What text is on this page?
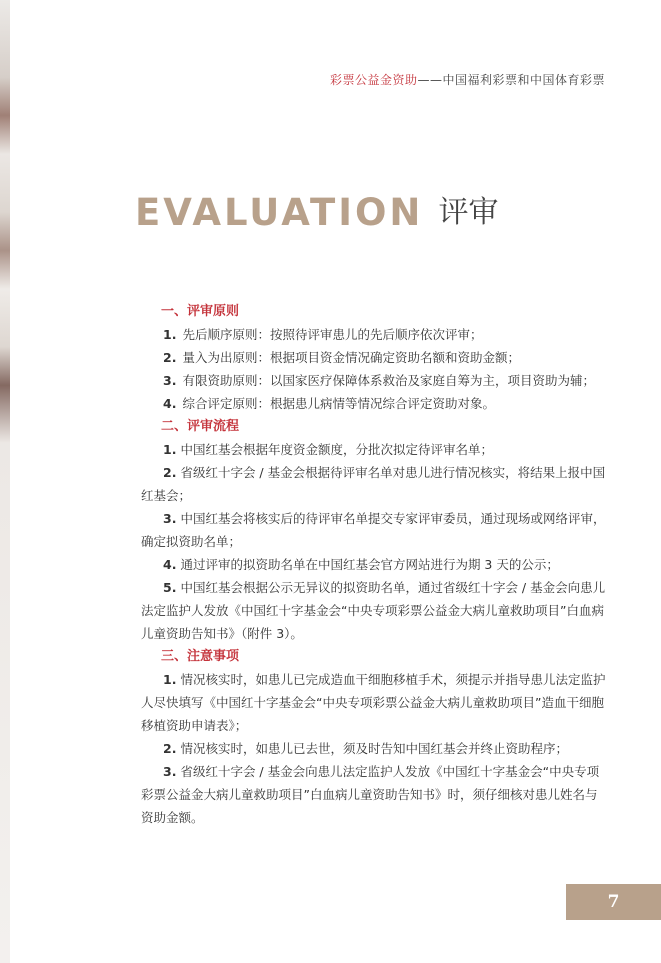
彩票公益金资助——中国福利彩票和中国体育彩票
EVALUATION 评审
一、评审原则
1. 先后顺序原则：按照待评审患儿的先后顺序依次评审；
2. 量入为出原则：根据项目资金情况确定资助名额和资助金额；
3. 有限资助原则：以国家医疗保障体系救治及家庭自筹为主，项目资助为辅；
4. 综合评定原则：根据患儿病情等情况综合评定资助对象。
二、评审流程
1. 中国红基会根据年度资金额度，分批次拟定待评审名单；
2. 省级红十字会 / 基金会根据待评审名单对患儿进行情况核实，将结果上报中国红基会；
3. 中国红基会将核实后的待评审名单提交专家评审委员，通过现场或网络评审，确定拟资助名单；
4. 通过评审的拟资助名单在中国红基会官方网站进行为期 3 天的公示；
5. 中国红基会根据公示无异议的拟资助名单，通过省级红十字会 / 基金会向患儿法定监护人发放《中国红十字基金会“中央专项彩票公益金大病儿童救助项目”白血病儿童资助告知书》（附件 3）。
三、注意事项
1. 情况核实时，如患儿已完成造血干细胞移植手术，须提示并指导患儿法定监护人尽快填写《中国红十字基金会“中央专项彩票公益金大病儿童救助项目”造血干细胞移植资助申请表》；
2. 情况核实时，如患儿已去世，须及时告知中国红基会并终止资助程序；
3. 省级红十字会 / 基金会向患儿法定监护人发放《中国红十字基金会“中央专项彩票公益金大病儿童救助项目”白血病儿童资助告知书》时，须仔细核对患儿姓名与资助金额。
7
